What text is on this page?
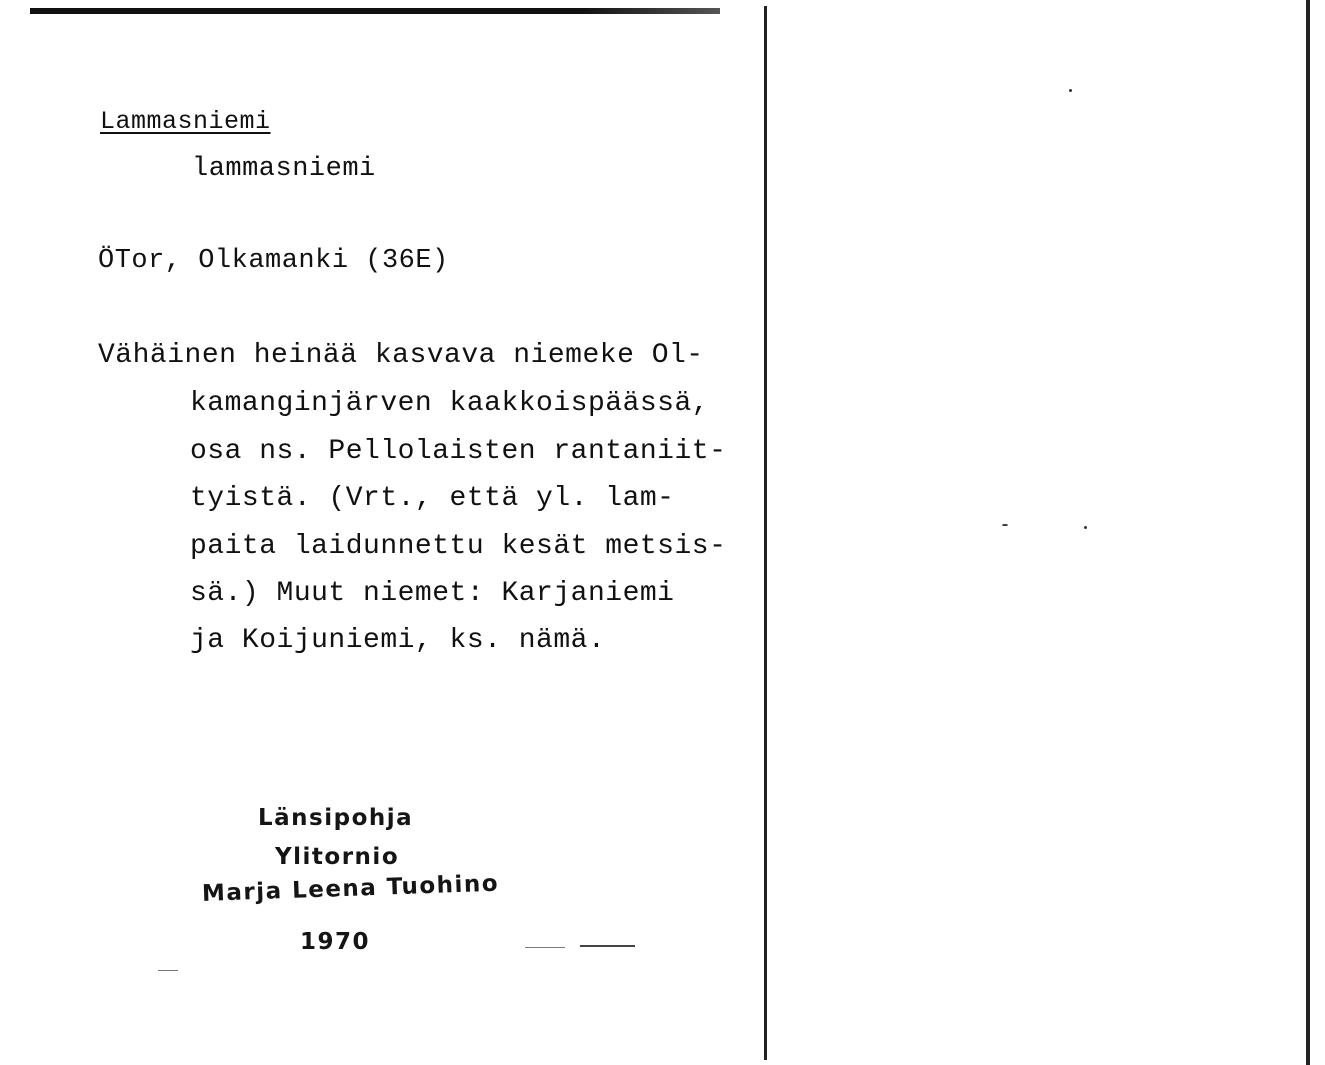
Lammasniemi
lammasniemi
ÖTor, Olkamanki (36E)
Vähäinen heinää kasvava niemeke Ol-
kamanginjärven kaakkoispäässä,
osa ns. Pellolaisten rantaniit-
tyistä. (Vrt., että yl. lam-
paita laidunnettu kesät metsis-
sä.) Muut niemet: Karjaniemi
ja Koijuniemi, ks. nämä.
Länsipohja
Ylitornio
Marja Leena Tuohino
1970
